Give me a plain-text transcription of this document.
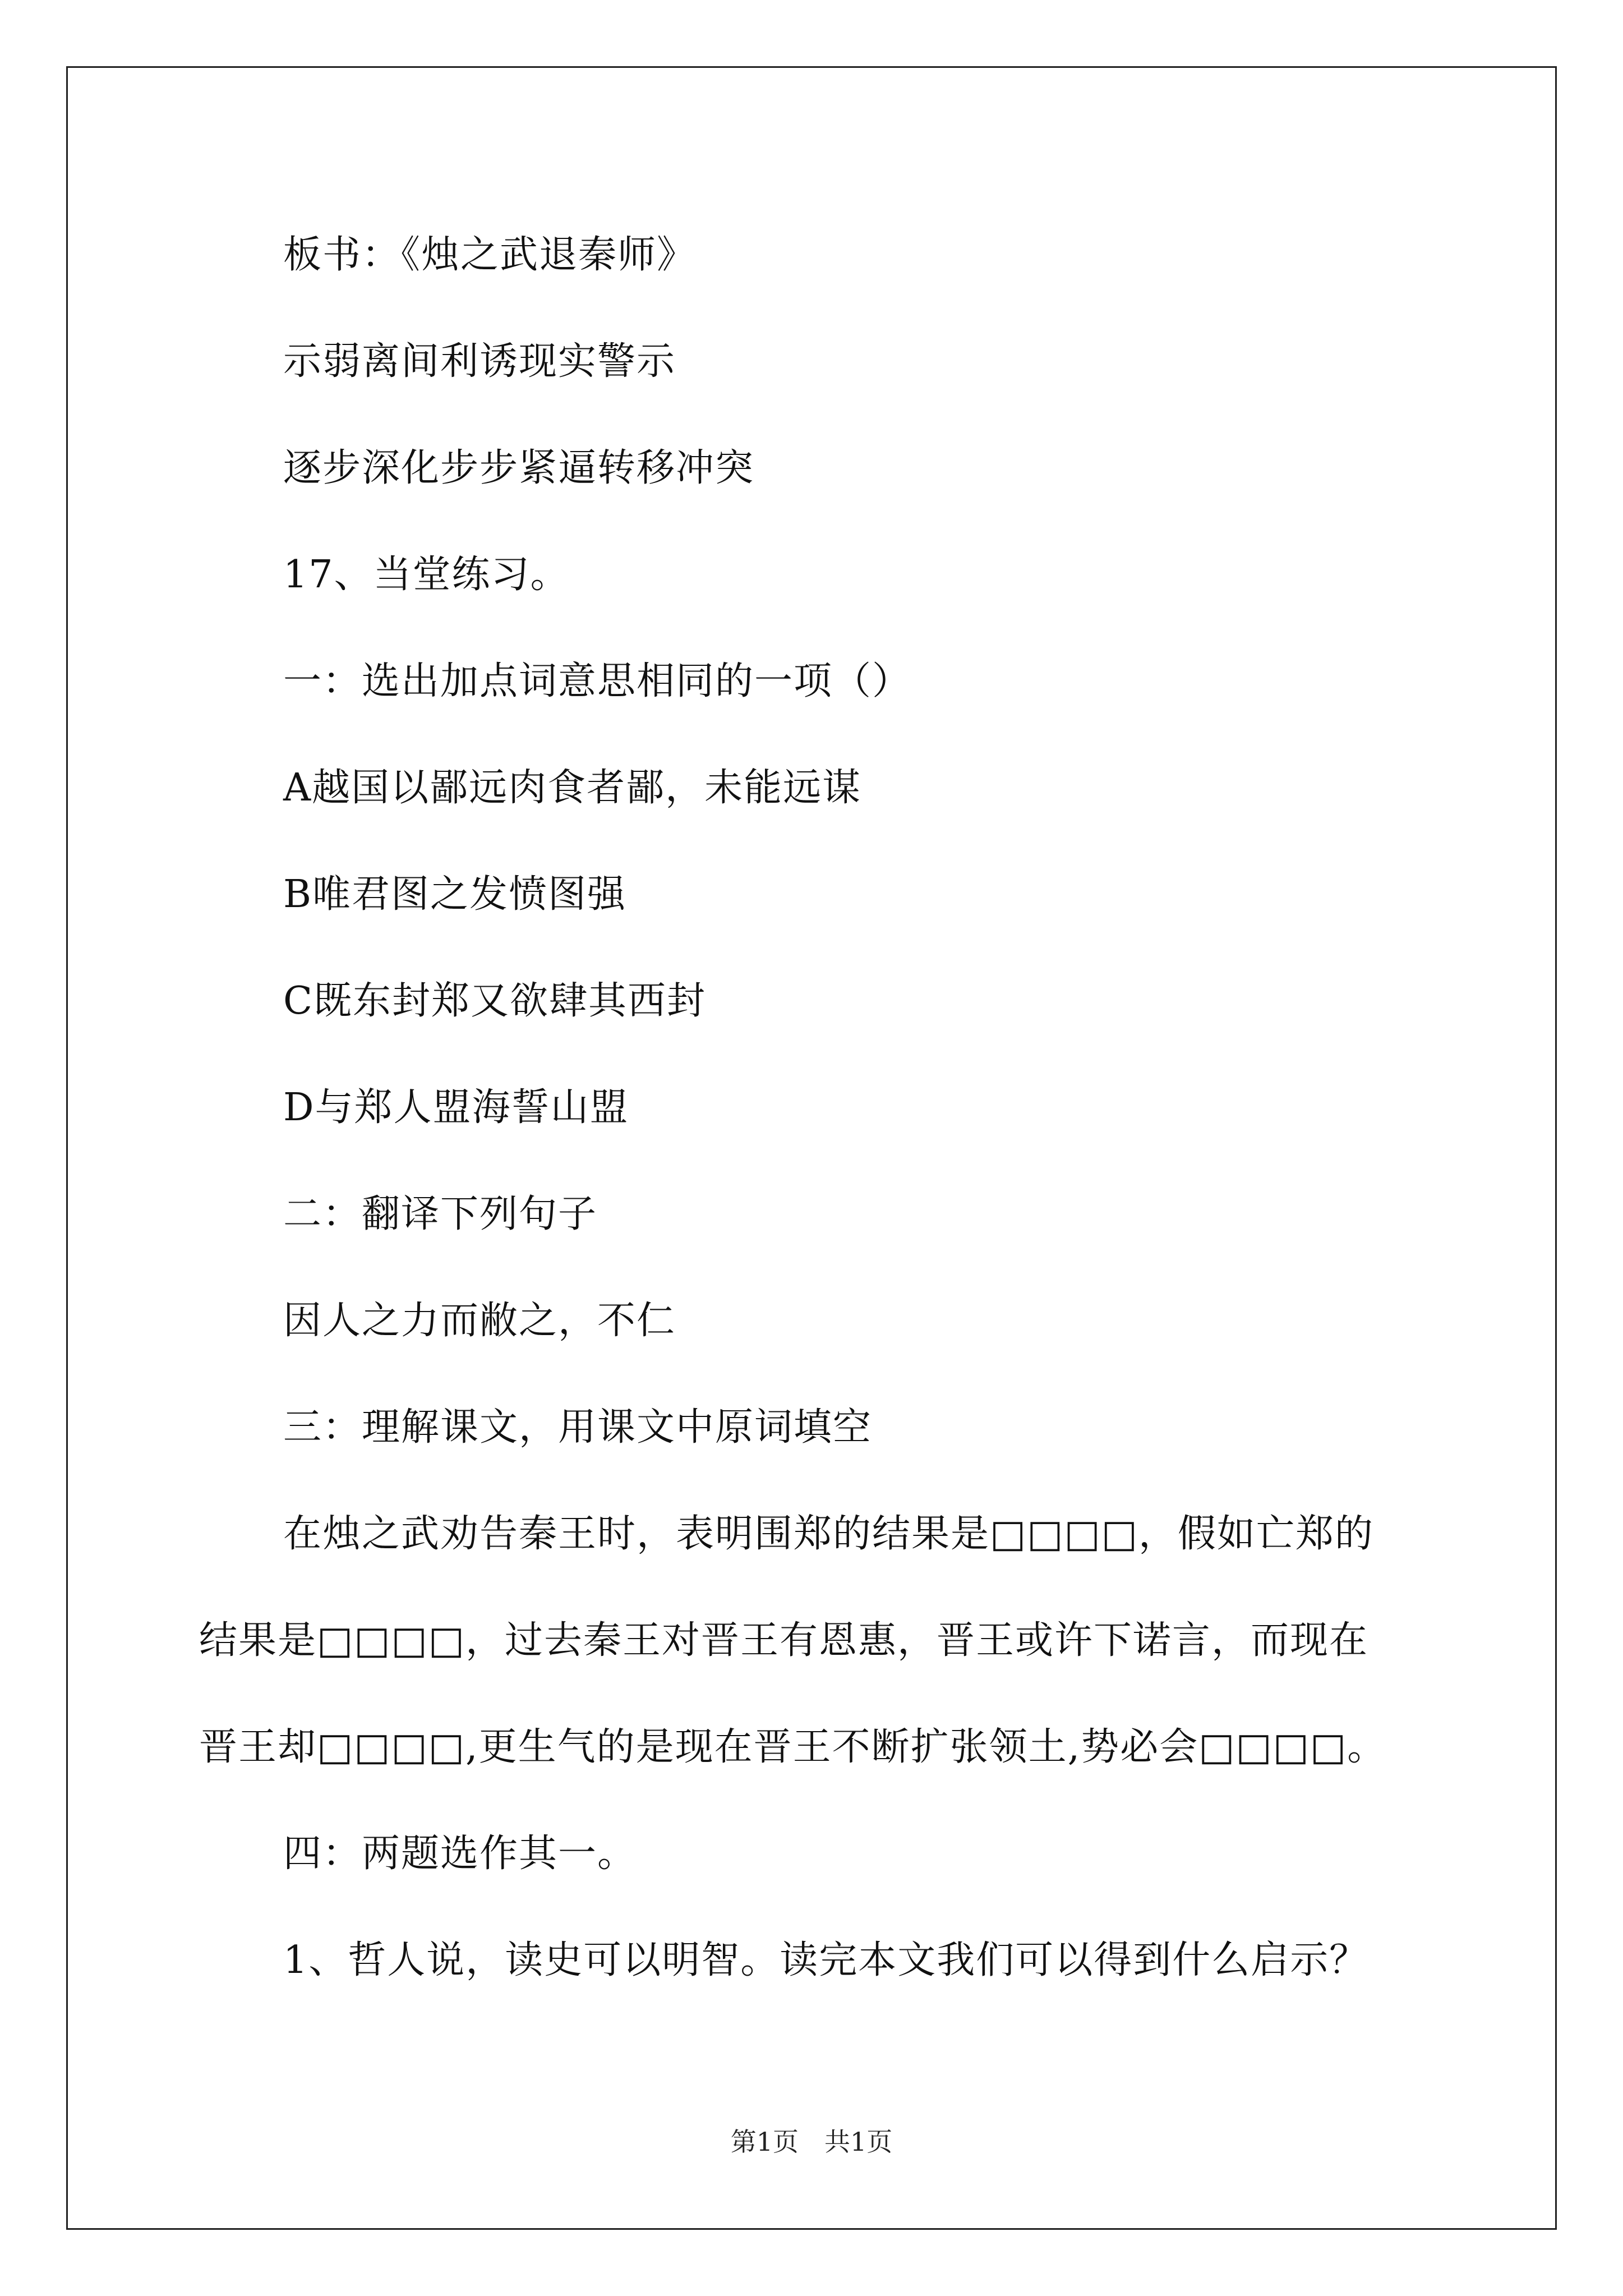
板书：《烛之武退秦师》
示弱离间利诱现实警示
逐步深化步步紧逼转移冲突
17、当堂练习。
一：选出加点词意思相同的一项（）
A越国以鄙远肉食者鄙，未能远谋
B唯君图之发愤图强
C既东封郑又欲肆其西封
D与郑人盟海誓山盟
二：翻译下列句子
因人之力而敝之，不仁
三：理解课文，用课文中原词填空
在烛之武劝告秦王时，表明围郑的结果是□□□□，假如亡郑的
结果是□□□□，过去秦王对晋王有恩惠，晋王或许下诺言，而现在
晋王却□□□□,更生气的是现在晋王不断扩张领土,势必会□□□□。
四：两题选作其一。
1、哲人说，读史可以明智。读完本文我们可以得到什么启示？
第1页　共1页
